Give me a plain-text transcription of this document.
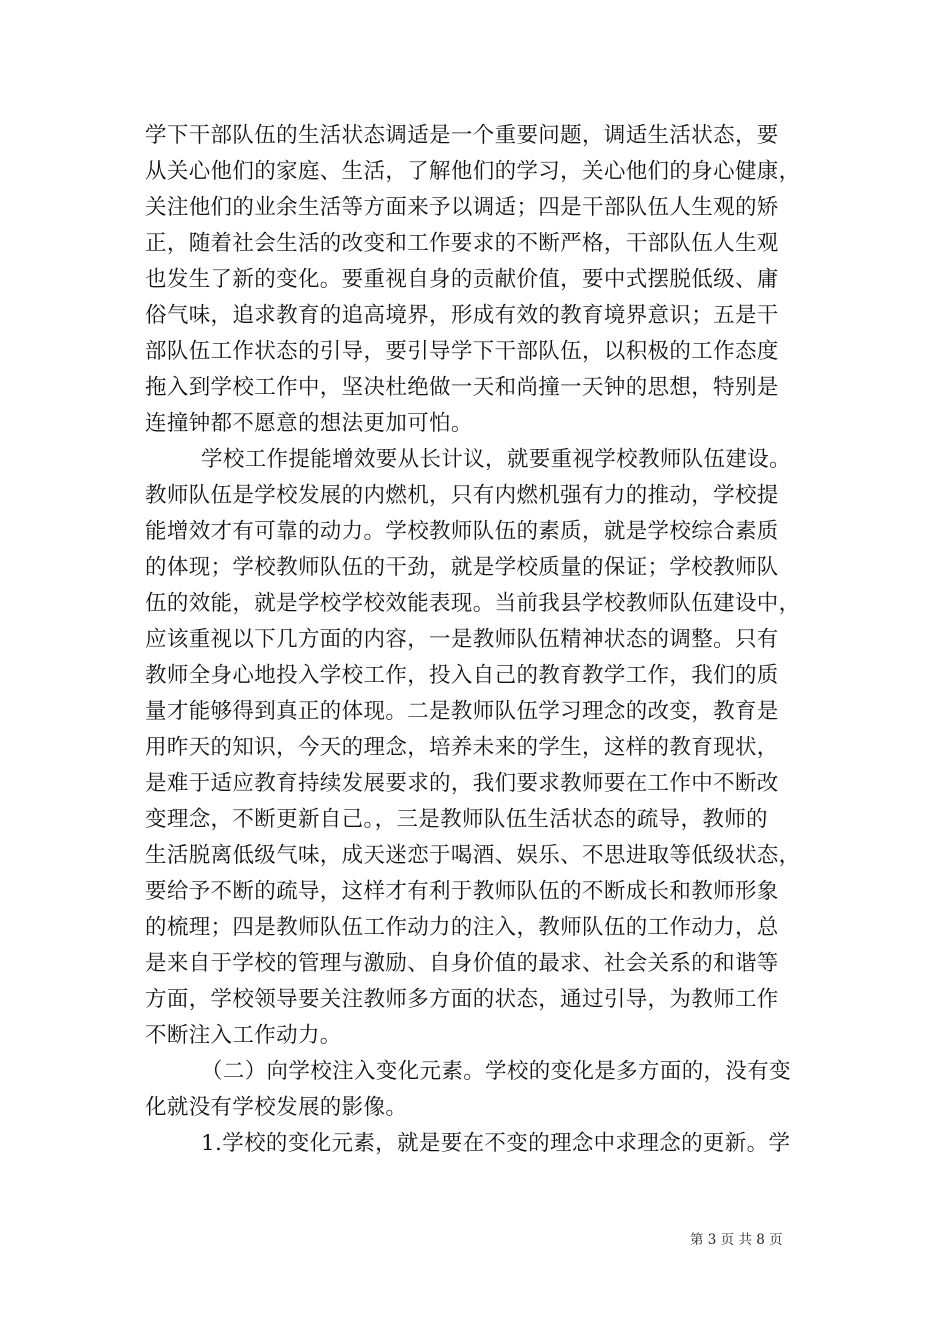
学下干部队伍的生活状态调适是一个重要问题，调适生活状态，要

从关心他们的家庭、生活，了解他们的学习，关心他们的身心健康，

关注他们的业余生活等方面来予以调适；四是干部队伍人生观的矫

正，随着社会生活的改变和工作要求的不断严格，干部队伍人生观

也发生了新的变化。要重视自身的贡献价值，要中式摆脱低级、庸

俗气味，追求教育的追高境界，形成有效的教育境界意识；五是干

部队伍工作状态的引导，要引导学下干部队伍，以积极的工作态度

拖入到学校工作中，坚决杜绝做一天和尚撞一天钟的思想，特别是

连撞钟都不愿意的想法更加可怕。

学校工作提能增效要从长计议，就要重视学校教师队伍建设。

教师队伍是学校发展的内燃机，只有内燃机强有力的推动，学校提

能增效才有可靠的动力。学校教师队伍的素质，就是学校综合素质

的体现；学校教师队伍的干劲，就是学校质量的保证；学校教师队

伍的效能，就是学校学校效能表现。当前我县学校教师队伍建设中，

应该重视以下几方面的内容，一是教师队伍精神状态的调整。只有

教师全身心地投入学校工作，投入自己的教育教学工作，我们的质

量才能够得到真正的体现。二是教师队伍学习理念的改变，教育是

用昨天的知识，今天的理念，培养未来的学生，这样的教育现状，

是难于适应教育持续发展要求的，我们要求教师要在工作中不断改

变理念，不断更新自己。，三是教师队伍生活状态的疏导，教师的

生活脱离低级气味，成天迷恋于喝酒、娱乐、不思进取等低级状态，

要给予不断的疏导，这样才有利于教师队伍的不断成长和教师形象

的梳理；四是教师队伍工作动力的注入，教师队伍的工作动力，总

是来自于学校的管理与激励、自身价值的最求、社会关系的和谐等

方面，学校领导要关注教师多方面的状态，通过引导，为教师工作

不断注入工作动力。

（二）向学校注入变化元素。学校的变化是多方面的，没有变

化就没有学校发展的影像。

1.学校的变化元素，就是要在不变的理念中求理念的更新。学

第 3 页 共 8 页
